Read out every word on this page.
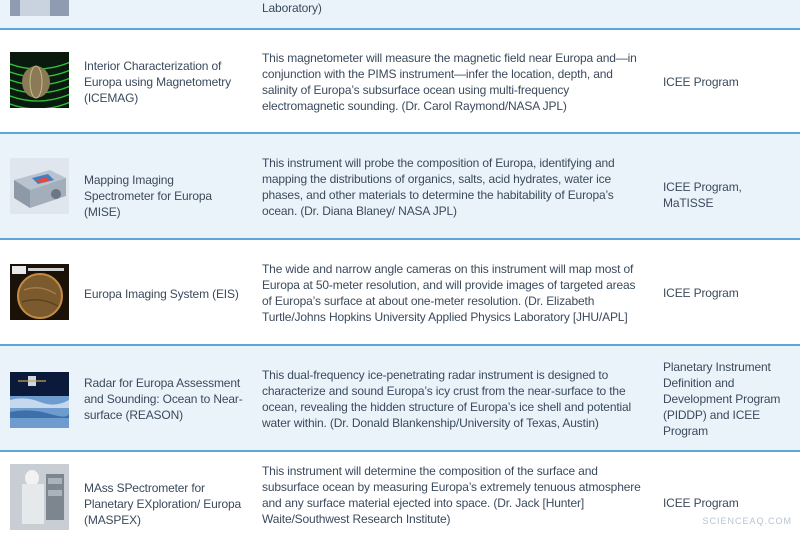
Laboratory)
Interior Characterization of Europa using Magnetometry (ICEMAG)
This magnetometer will measure the magnetic field near Europa and—in conjunction with the PIMS instrument—infer the location, depth, and salinity of Europa’s subsurface ocean using multi-frequency electromagnetic sounding. (Dr. Carol Raymond/NASA JPL)
ICEE Program
Mapping Imaging Spectrometer for Europa (MISE)
This instrument will probe the composition of Europa, identifying and mapping the distributions of organics, salts, acid hydrates, water ice phases, and other materials to determine the habitability of Europa’s ocean. (Dr. Diana Blaney/ NASA JPL)
ICEE Program, MaTISSE
Europa Imaging System (EIS)
The wide and narrow angle cameras on this instrument will map most of Europa at 50-meter resolution, and will provide images of targeted areas of Europa’s surface at about one-meter resolution. (Dr. Elizabeth Turtle/Johns Hopkins University Applied Physics Laboratory [JHU/APL]
ICEE Program
Radar for Europa Assessment and Sounding: Ocean to Near-surface (REASON)
This dual-frequency ice-penetrating radar instrument is designed to characterize and sound Europa’s icy crust from the near-surface to the ocean, revealing the hidden structure of Europa’s ice shell and potential water within. (Dr. Donald Blankenship/University of Texas, Austin)
Planetary Instrument Definition and Development Program (PIDDP) and ICEE Program
MAss SPectrometer for Planetary EXploration/ Europa (MASPEX)
This instrument will determine the composition of the surface and subsurface ocean by measuring Europa’s extremely tenuous atmosphere and any surface material ejected into space. (Dr. Jack [Hunter] Waite/Southwest Research Institute)
ICEE Program
SCIENCEAQ.COM
